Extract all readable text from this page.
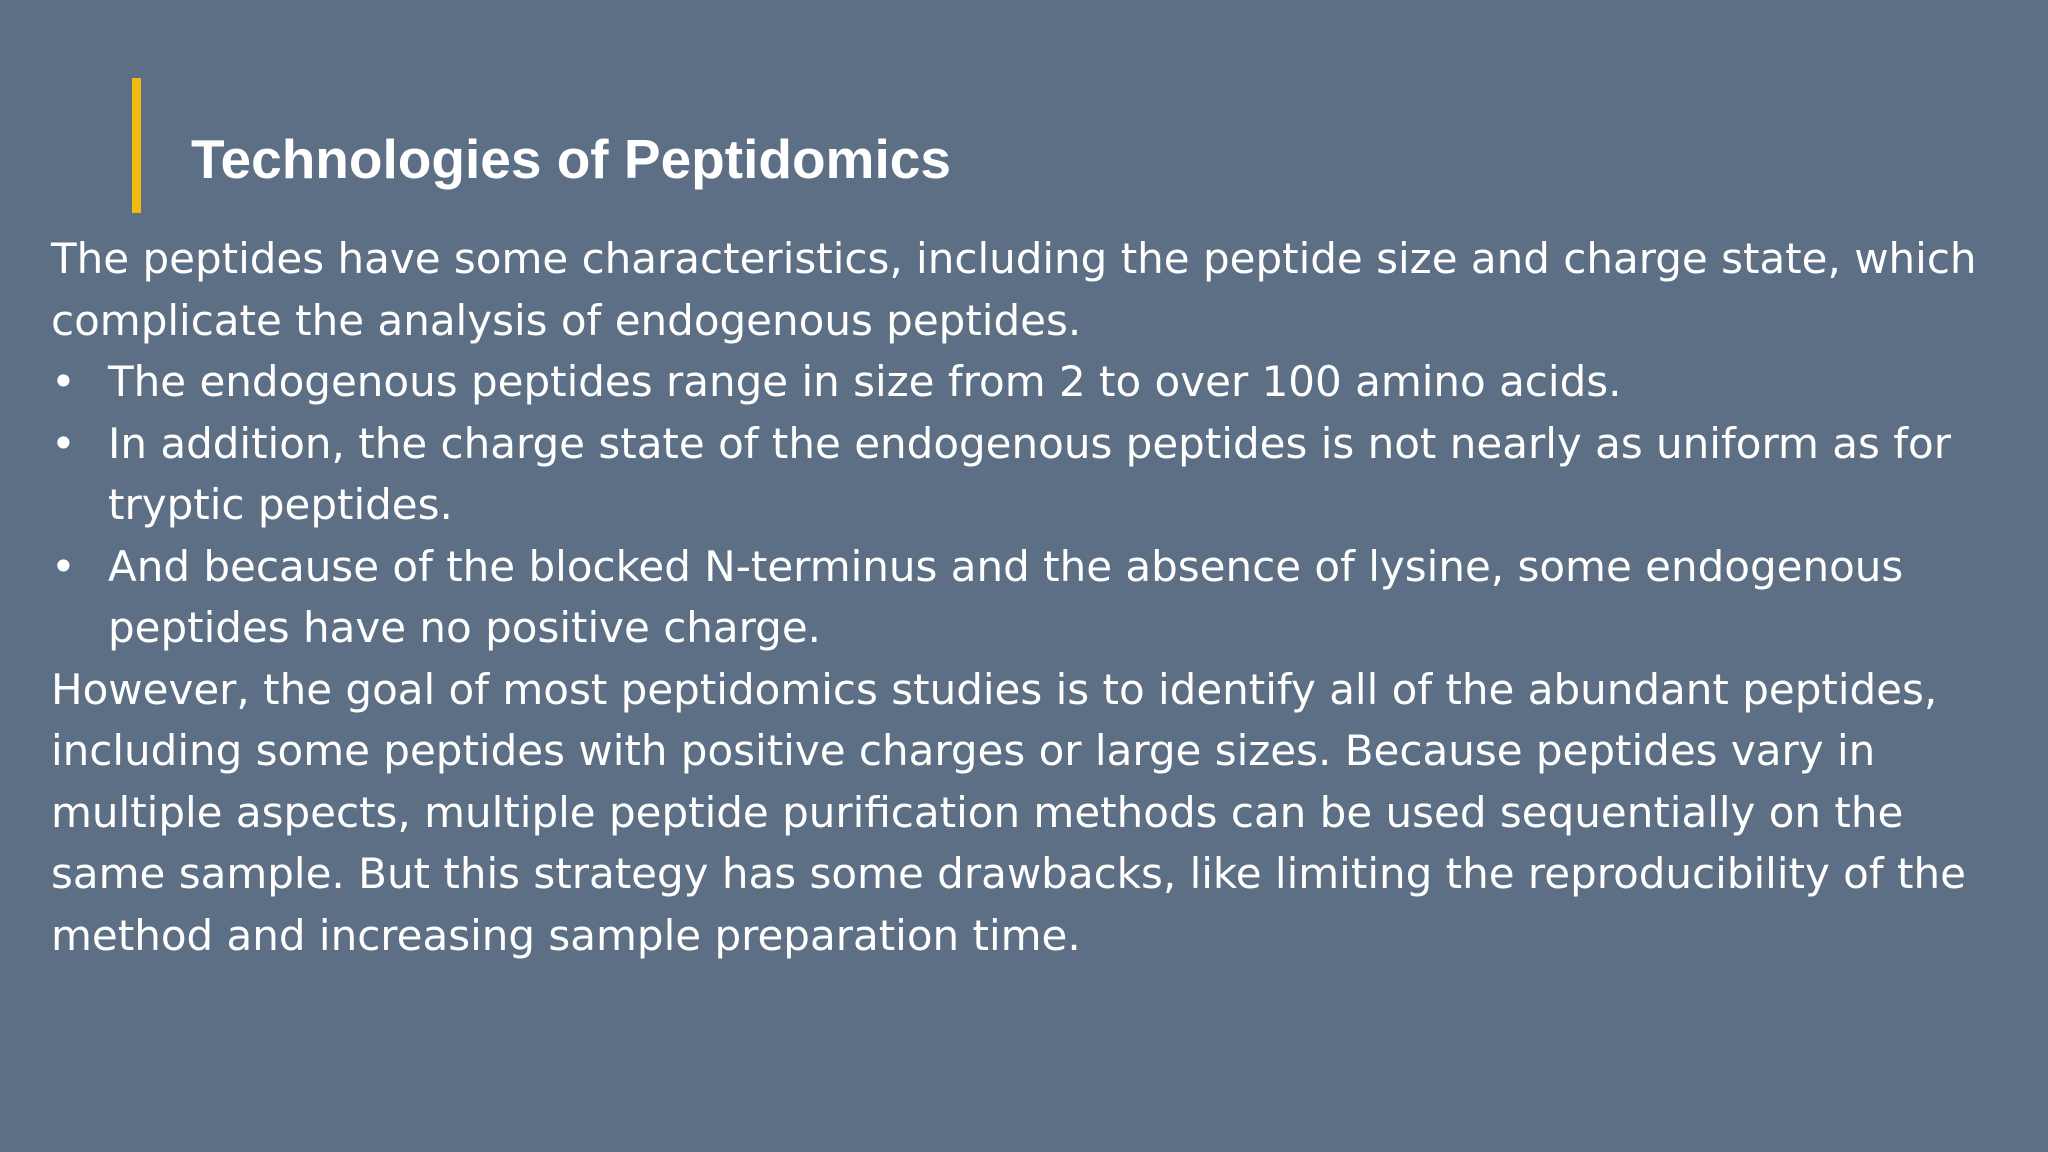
Technologies of Peptidomics

The peptides have some characteristics, including the peptide size and charge state, which complicate the analysis of endogenous peptides.

• The endogenous peptides range in size from 2 to over 100 amino acids.
• In addition, the charge state of the endogenous peptides is not nearly as uniform as for tryptic peptides.
• And because of the blocked N-terminus and the absence of lysine, some endogenous peptides have no positive charge.

However, the goal of most peptidomics studies is to identify all of the abundant peptides, including some peptides with positive charges or large sizes. Because peptides vary in multiple aspects, multiple peptide purification methods can be used sequentially on the same sample. But this strategy has some drawbacks, like limiting the reproducibility of the method and increasing sample preparation time.
